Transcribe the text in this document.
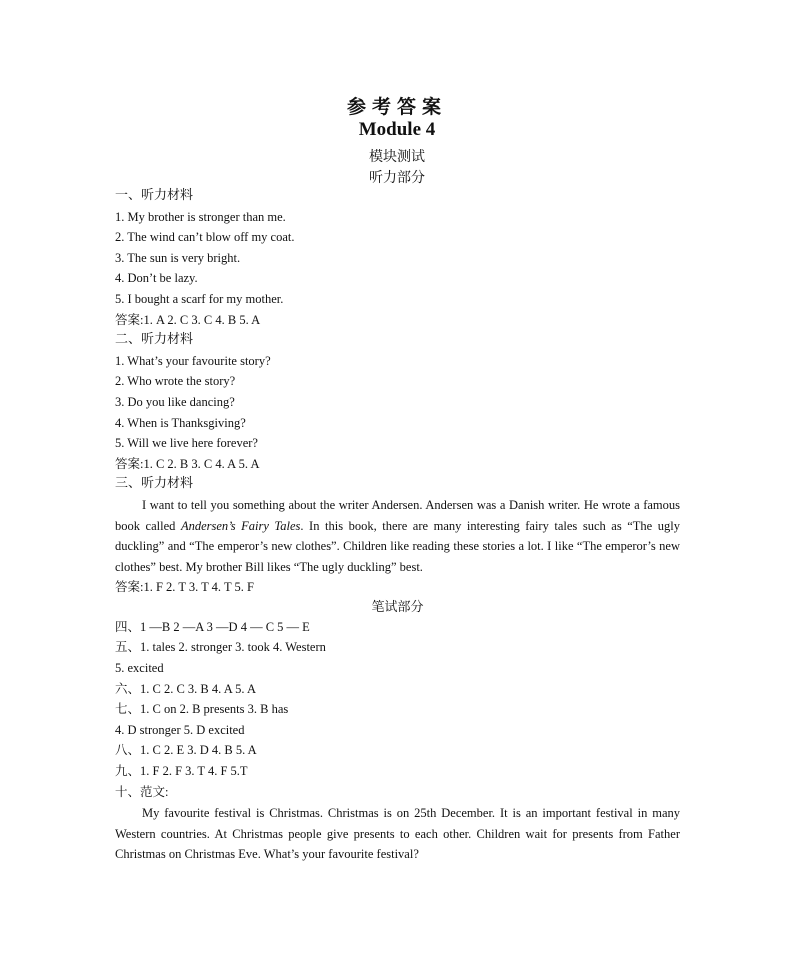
参考答案
Module 4
模块测试
听力部分
一、听力材料
1. My brother is stronger than me.
2. The wind can’t blow off my coat.
3. The sun is very bright.
4. Don’t be lazy.
5. I bought a scarf for my mother.
答案:1. A 2. C 3. C 4. B 5. A
二、听力材料
1. What’s your favourite story?
2. Who wrote the story?
3. Do you like dancing?
4. When is Thanksgiving?
5. Will we live here forever?
答案:1. C 2. B 3. C 4. A 5. A
三、听力材料
I want to tell you something about the writer Andersen. Andersen was a Danish writer. He wrote a famous book called Andersen’s Fairy Tales. In this book, there are many interesting fairy tales such as “The ugly duckling” and “The emperor’s new clothes”. Children like reading these stories a lot. I like “The emperor’s new clothes” best. My brother Bill likes “The ugly duckling” best.
答案:1. F 2. T 3. T 4. T 5. F
笔试部分
四、1 —B 2 —A 3 —D 4 — C 5 — E
五、1. tales 2. stronger 3. took 4. Western
5. excited
六、1. C 2. C 3. B 4. A 5. A
七、1. C on 2. B presents 3. B has
4. D stronger 5. D excited
八、1. C 2. E 3. D 4. B 5. A
九、1. F 2. F 3. T 4. F 5.T
十、范文:
My favourite festival is Christmas. Christmas is on 25th December. It is an important festival in many Western countries. At Christmas people give presents to each other. Children wait for presents from Father Christmas on Christmas Eve. What’s your favourite festival?
